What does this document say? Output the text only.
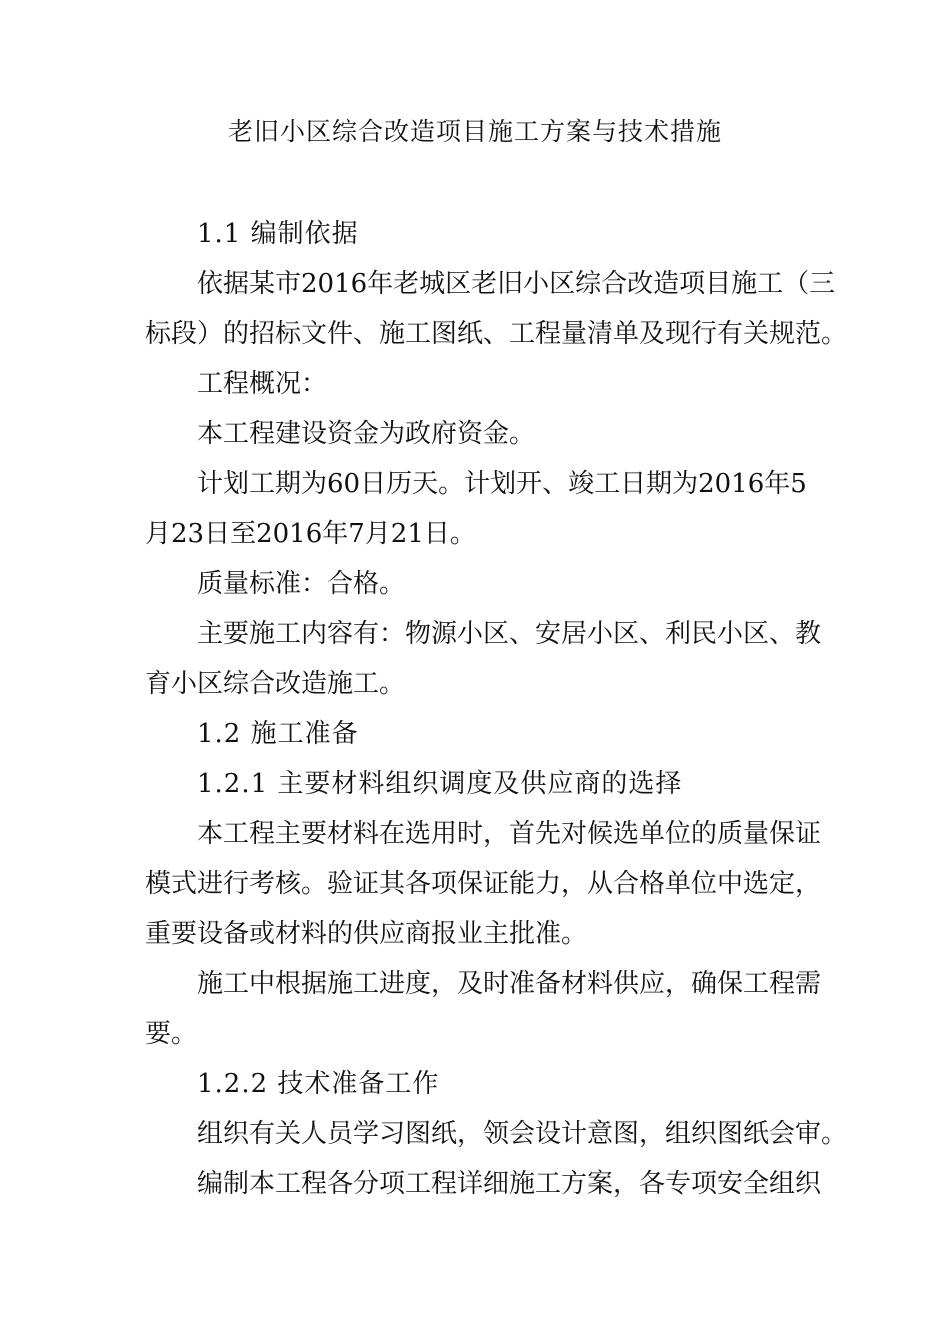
老旧小区综合改造项目施工方案与技术措施
1.1 编制依据
依据某市2016年老城区老旧小区综合改造项目施工（三
标段）的招标文件、施工图纸、工程量清单及现行有关规范。
工程概况：
本工程建设资金为政府资金。
计划工期为60日历天。计划开、竣工日期为2016年5
月23日至2016年7月21日。
质量标准：合格。
主要施工内容有：物源小区、安居小区、利民小区、教
育小区综合改造施工。
1.2 施工准备
1.2.1 主要材料组织调度及供应商的选择
本工程主要材料在选用时，首先对候选单位的质量保证
模式进行考核。验证其各项保证能力，从合格单位中选定，
重要设备或材料的供应商报业主批准。
施工中根据施工进度，及时准备材料供应，确保工程需
要。
1.2.2 技术准备工作
组织有关人员学习图纸，领会设计意图，组织图纸会审。
编制本工程各分项工程详细施工方案，各专项安全组织
